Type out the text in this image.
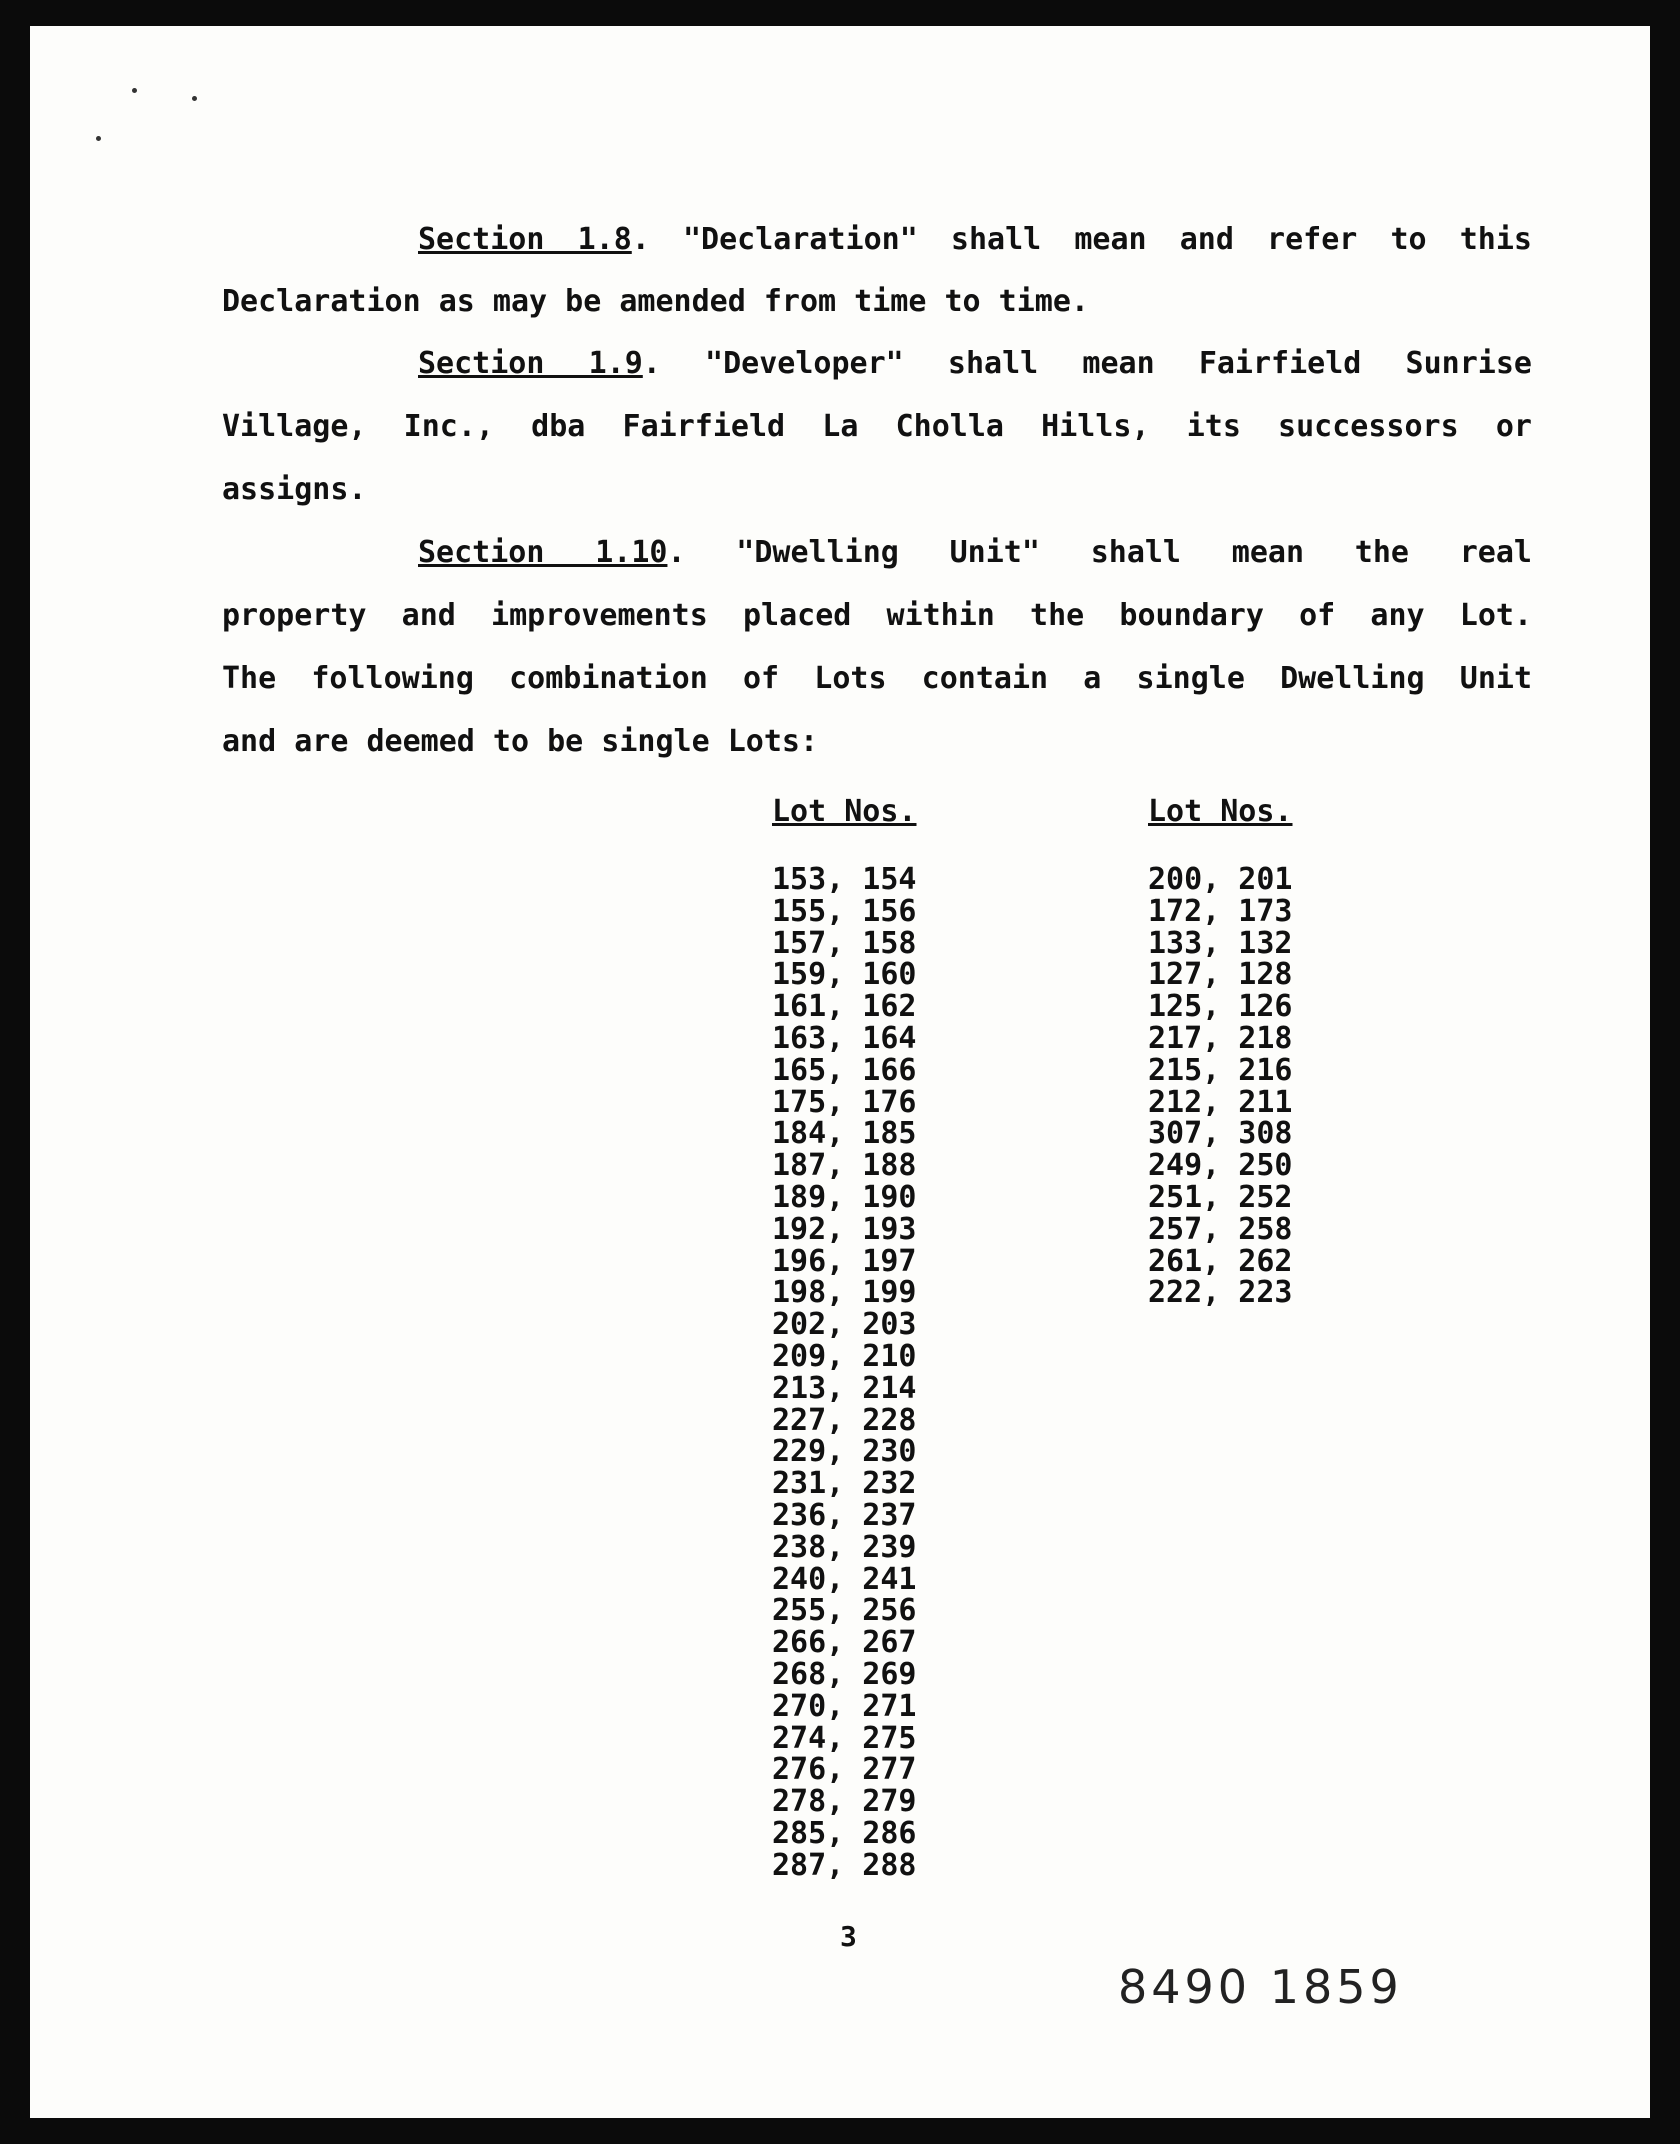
Section 1.8. "Declaration" shall mean and refer to this
Declaration as may be amended from time to time.
Section 1.9. "Developer" shall mean Fairfield Sunrise
Village, Inc., dba Fairfield La Cholla Hills, its successors or
assigns.
Section 1.10. "Dwelling Unit" shall mean the real
property and improvements placed within the boundary of any Lot.
The following combination of Lots contain a single Dwelling Unit
and are deemed to be single Lots:
Lot Nos.
153, 154
155, 156
157, 158
159, 160
161, 162
163, 164
165, 166
175, 176
184, 185
187, 188
189, 190
192, 193
196, 197
198, 199
202, 203
209, 210
213, 214
227, 228
229, 230
231, 232
236, 237
238, 239
240, 241
255, 256
266, 267
268, 269
270, 271
274, 275
276, 277
278, 279
285, 286
287, 288
Lot Nos.
200, 201
172, 173
133, 132
127, 128
125, 126
217, 218
215, 216
212, 211
307, 308
249, 250
251, 252
257, 258
261, 262
222, 223
3
8490 1859
